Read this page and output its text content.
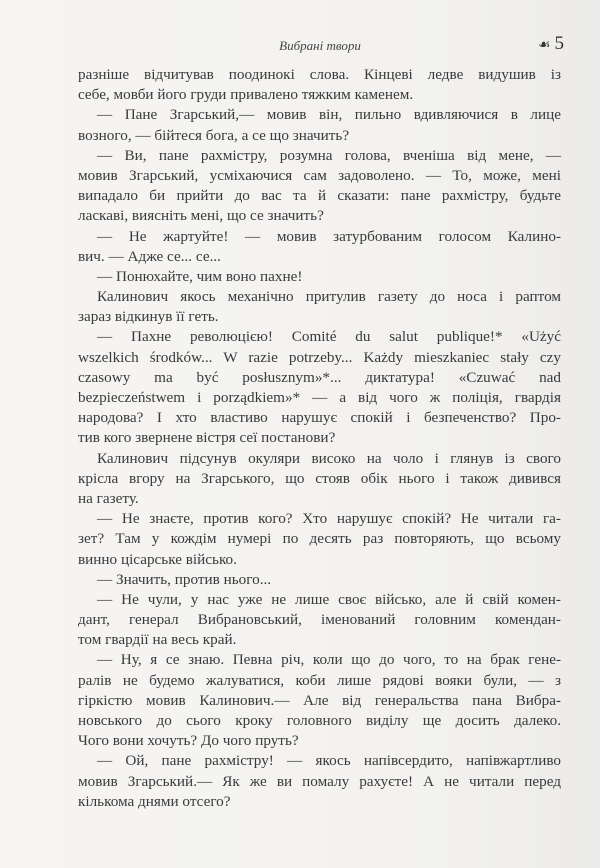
Вибрані твори	☙ 5
разніше відчитував поодинокі слова. Кінцеві ледве видушив із
себе, мовби його груди привалено тяжким каменем.
— Пане Згарський,— мовив він, пильно вдивляючися в лице
возного, — бійтеся бога, а се що значить?
— Ви, пане рахмістру, розумна голова, вченіша від мене, —
мовив Згарський, усміхаючися сам задоволено. — То, може, мені
випадало би прийти до вас та й сказати: пане рахмістру, будьте
ласкаві, виясніть мені, що се значить?
— Не жартуйте! — мовив затурбованим голосом Калино-
вич. — Адже се... се...
— Понюхайте, чим воно пахне!
Калинович якось механічно притулив газету до носа і раптом
зараз відкинув її геть.
— Пахне революцією! Comité du salut publique!* «Użyć
wszelkich środków... W razie potrzeby... Każdy mieszkaniec stały czy
czasowy ma być posłusznym»*... диктатура! «Czuwać nad
bezpieczeństwem i porządkiem»* — а від чого ж поліція, гвардія
народова? І хто властиво нарушує спокій і безпеченство? Про-
тив кого звернене вістря сеї постанови?
Калинович підсунув окуляри високо на чоло і глянув із свого
крісла вгору на Згарського, що стояв обік нього і також дивився
на газету.
— Не знаєте, против кого? Хто нарушує спокій? Не читали га-
зет? Там у кождім нумері по десять раз повторяють, що всьому
винно цісарське військо.
— Значить, против нього...
— Не чули, у нас уже не лише своє військо, але й свій комен-
дант, генерал Вибрановський, іменований головним комендан-
том гвардії на весь край.
— Ну, я се знаю. Певна річ, коли що до чого, то на брак гене-
ралів не будемо жалуватися, коби лише рядові вояки були, — з
гіркістю мовив Калинович.— Але від генеральства пана Вибра-
новського до сього кроку головного виділу ще досить далеко.
Чого вони хочуть? До чого пруть?
— Ой, пане рахмістру! — якось напівсердито, напівжартливо
мовив Згарський.— Як же ви помалу рахуєте! А не читали перед
кількома днями отсего?
